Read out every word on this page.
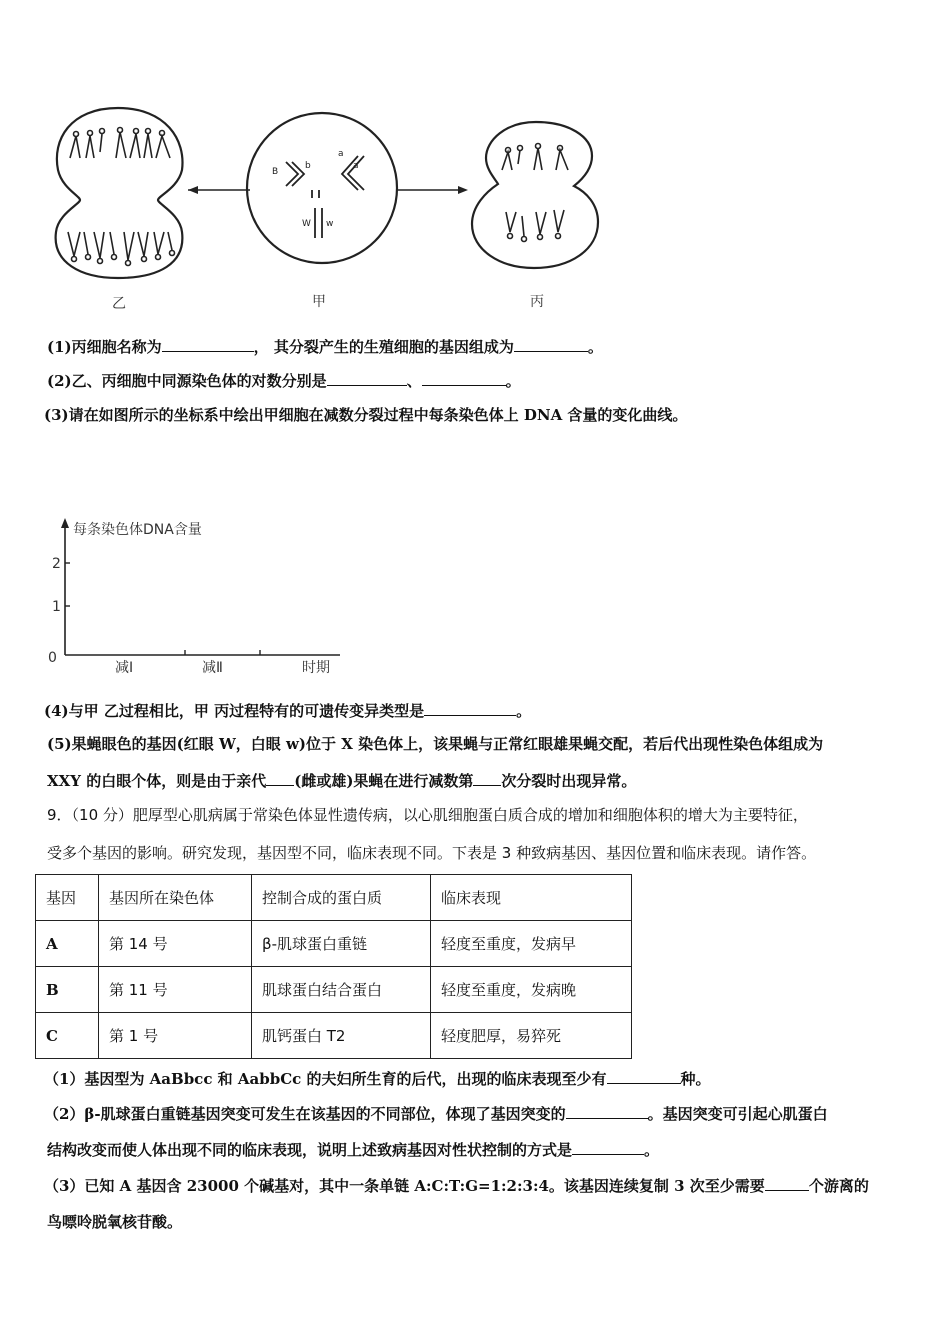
B
b
a
a
W w
乙	甲	丙
(1)丙细胞名称为	， 其分裂产生的生殖细胞的基因组成为	。
(2)乙、丙细胞中同源染色体的对数分别是	、	。
(3)请在如图所示的坐标系中绘出甲细胞在减数分裂过程中每条染色体上 DNA 含量的变化曲线。
每条染色体DNA含量
2
1
0
减Ⅰ	减Ⅱ	时期
(4)与甲 乙过程相比，甲 丙过程特有的可遗传变异类型是	。
(5)果蝇眼色的基因(红眼 W，白眼 w)位于 X 染色体上，该果蝇与正常红眼雄果蝇交配，若后代出现性染色体组成为
XXY 的白眼个体，则是由于亲代 (雌或雄)果蝇在进行减数第 次分裂时出现异常。
9．（10 分）肥厚型心肌病属于常染色体显性遗传病，以心肌细胞蛋白质合成的增加和细胞体积的增大为主要特征，
受多个基因的影响。研究发现，基因型不同，临床表现不同。下表是 3 种致病基因、基因位置和临床表现。请作答。
基因	基因所在染色体	控制合成的蛋白质	临床表现
A	第 14 号	β-肌球蛋白重链	轻度至重度，发病早
B	第 11 号	肌球蛋白结合蛋白	轻度至重度，发病晚
C	第 1 号	肌钙蛋白 T2	轻度肥厚，易猝死
（1）基因型为 AaBbcc 和 AabbCc 的夫妇所生育的后代，出现的临床表现至少有	种。
（2）β-肌球蛋白重链基因突变可发生在该基因的不同部位，体现了基因突变的	。基因突变可引起心肌蛋白
结构改变而使人体出现不同的临床表现，说明上述致病基因对性状控制的方式是	。
（3）已知 A 基因含 23000 个碱基对，其中一条单链 A:C:T:G=1:2:3:4。该基因连续复制 3 次至少需要	个游离的
鸟嘌呤脱氧核苷酸。
